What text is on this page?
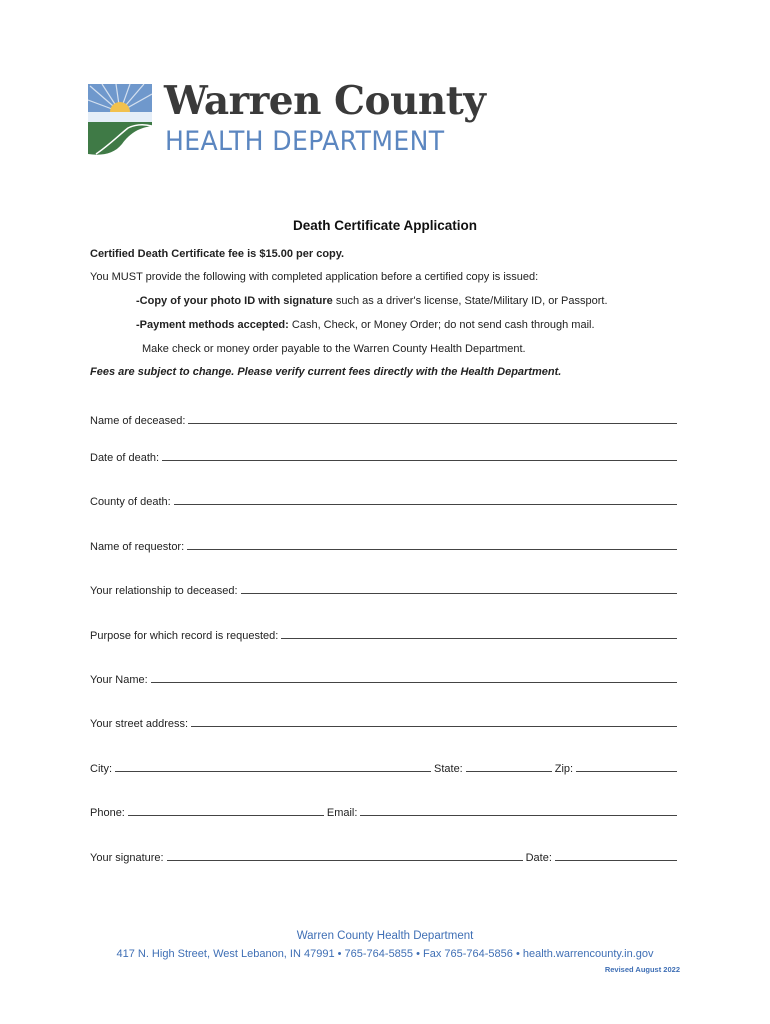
Warren County
HEALTH DEPARTMENT
Death Certificate Application
Certified Death Certificate fee is $15.00 per copy.
You MUST provide the following with completed application before a certified copy is issued:
-Copy of your photo ID with signature such as a driver's license, State/Military ID, or Passport.
-Payment methods accepted: Cash, Check, or Money Order; do not send cash through mail.
Make check or money order payable to the Warren County Health Department.
Fees are subject to change. Please verify current fees directly with the Health Department.
Name of deceased:
Date of death:
County of death:
Name of requestor:
Your relationship to deceased:
Purpose for which record is requested:
Your Name:
Your street address:
City:	State:	Zip:
Phone:	Email:
Your signature:	Date:
Warren County Health Department
417 N. High Street, West Lebanon, IN 47991 • 765-764-5855 • Fax 765-764-5856 • health.warrencounty.in.gov
Revised August 2022
